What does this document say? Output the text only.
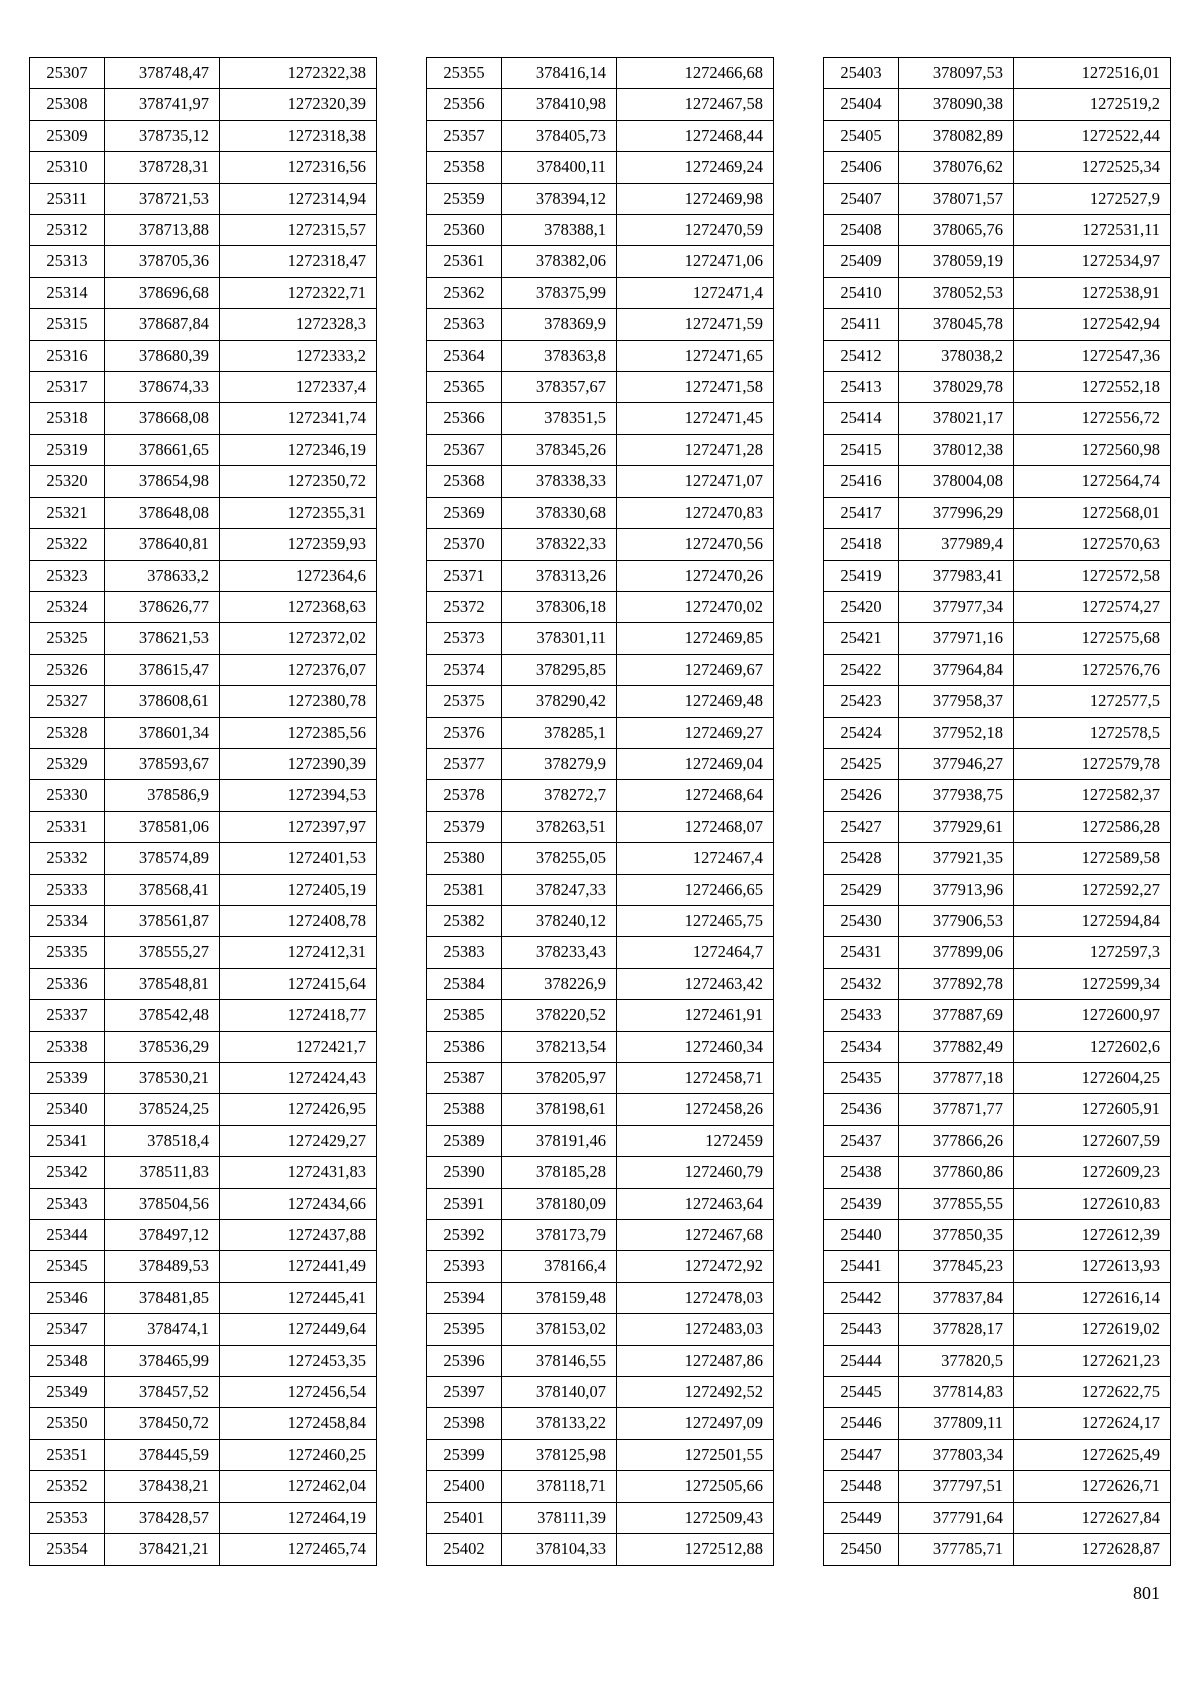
25307	378748,47	1272322,38
25308	378741,97	1272320,39
25309	378735,12	1272318,38
25310	378728,31	1272316,56
25311	378721,53	1272314,94
25312	378713,88	1272315,57
25313	378705,36	1272318,47
25314	378696,68	1272322,71
25315	378687,84	1272328,3
25316	378680,39	1272333,2
25317	378674,33	1272337,4
25318	378668,08	1272341,74
25319	378661,65	1272346,19
25320	378654,98	1272350,72
25321	378648,08	1272355,31
25322	378640,81	1272359,93
25323	378633,2	1272364,6
25324	378626,77	1272368,63
25325	378621,53	1272372,02
25326	378615,47	1272376,07
25327	378608,61	1272380,78
25328	378601,34	1272385,56
25329	378593,67	1272390,39
25330	378586,9	1272394,53
25331	378581,06	1272397,97
25332	378574,89	1272401,53
25333	378568,41	1272405,19
25334	378561,87	1272408,78
25335	378555,27	1272412,31
25336	378548,81	1272415,64
25337	378542,48	1272418,77
25338	378536,29	1272421,7
25339	378530,21	1272424,43
25340	378524,25	1272426,95
25341	378518,4	1272429,27
25342	378511,83	1272431,83
25343	378504,56	1272434,66
25344	378497,12	1272437,88
25345	378489,53	1272441,49
25346	378481,85	1272445,41
25347	378474,1	1272449,64
25348	378465,99	1272453,35
25349	378457,52	1272456,54
25350	378450,72	1272458,84
25351	378445,59	1272460,25
25352	378438,21	1272462,04
25353	378428,57	1272464,19
25354	378421,21	1272465,74
25355	378416,14	1272466,68
25356	378410,98	1272467,58
25357	378405,73	1272468,44
25358	378400,11	1272469,24
25359	378394,12	1272469,98
25360	378388,1	1272470,59
25361	378382,06	1272471,06
25362	378375,99	1272471,4
25363	378369,9	1272471,59
25364	378363,8	1272471,65
25365	378357,67	1272471,58
25366	378351,5	1272471,45
25367	378345,26	1272471,28
25368	378338,33	1272471,07
25369	378330,68	1272470,83
25370	378322,33	1272470,56
25371	378313,26	1272470,26
25372	378306,18	1272470,02
25373	378301,11	1272469,85
25374	378295,85	1272469,67
25375	378290,42	1272469,48
25376	378285,1	1272469,27
25377	378279,9	1272469,04
25378	378272,7	1272468,64
25379	378263,51	1272468,07
25380	378255,05	1272467,4
25381	378247,33	1272466,65
25382	378240,12	1272465,75
25383	378233,43	1272464,7
25384	378226,9	1272463,42
25385	378220,52	1272461,91
25386	378213,54	1272460,34
25387	378205,97	1272458,71
25388	378198,61	1272458,26
25389	378191,46	1272459
25390	378185,28	1272460,79
25391	378180,09	1272463,64
25392	378173,79	1272467,68
25393	378166,4	1272472,92
25394	378159,48	1272478,03
25395	378153,02	1272483,03
25396	378146,55	1272487,86
25397	378140,07	1272492,52
25398	378133,22	1272497,09
25399	378125,98	1272501,55
25400	378118,71	1272505,66
25401	378111,39	1272509,43
25402	378104,33	1272512,88
25403	378097,53	1272516,01
25404	378090,38	1272519,2
25405	378082,89	1272522,44
25406	378076,62	1272525,34
25407	378071,57	1272527,9
25408	378065,76	1272531,11
25409	378059,19	1272534,97
25410	378052,53	1272538,91
25411	378045,78	1272542,94
25412	378038,2	1272547,36
25413	378029,78	1272552,18
25414	378021,17	1272556,72
25415	378012,38	1272560,98
25416	378004,08	1272564,74
25417	377996,29	1272568,01
25418	377989,4	1272570,63
25419	377983,41	1272572,58
25420	377977,34	1272574,27
25421	377971,16	1272575,68
25422	377964,84	1272576,76
25423	377958,37	1272577,5
25424	377952,18	1272578,5
25425	377946,27	1272579,78
25426	377938,75	1272582,37
25427	377929,61	1272586,28
25428	377921,35	1272589,58
25429	377913,96	1272592,27
25430	377906,53	1272594,84
25431	377899,06	1272597,3
25432	377892,78	1272599,34
25433	377887,69	1272600,97
25434	377882,49	1272602,6
25435	377877,18	1272604,25
25436	377871,77	1272605,91
25437	377866,26	1272607,59
25438	377860,86	1272609,23
25439	377855,55	1272610,83
25440	377850,35	1272612,39
25441	377845,23	1272613,93
25442	377837,84	1272616,14
25443	377828,17	1272619,02
25444	377820,5	1272621,23
25445	377814,83	1272622,75
25446	377809,11	1272624,17
25447	377803,34	1272625,49
25448	377797,51	1272626,71
25449	377791,64	1272627,84
25450	377785,71	1272628,87
801
